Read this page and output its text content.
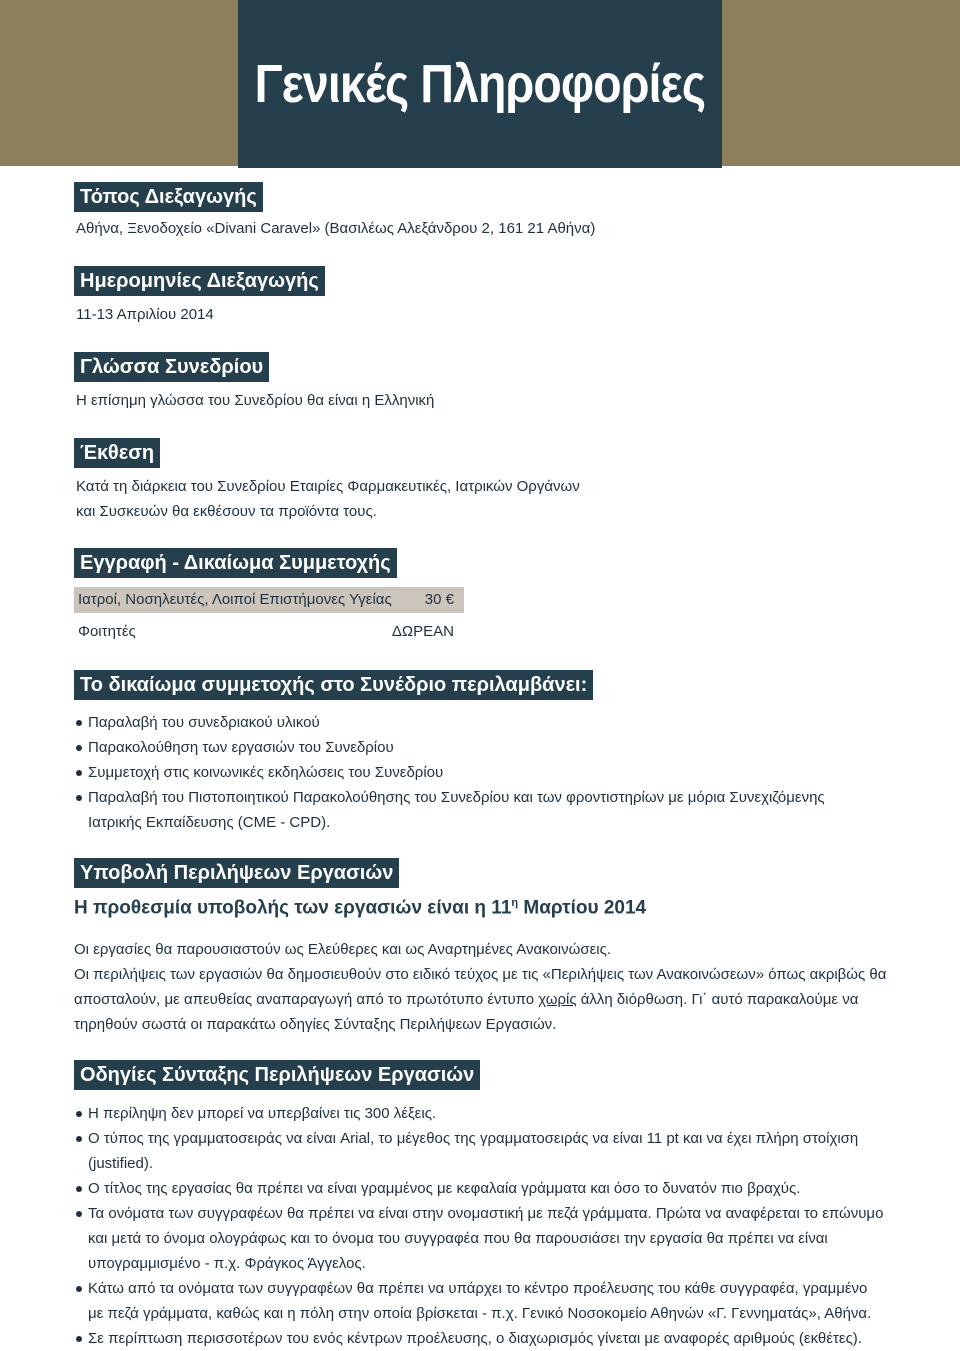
Γενικές Πληροφορίες
Τόπος Διεξαγωγής
Αθήνα, Ξενοδοχείο «Divani Caravel» (Βασιλέως Αλεξάνδρου 2, 161 21 Αθήνα)
Ημερομηνίες Διεξαγωγής
11-13 Απριλίου 2014
Γλώσσα Συνεδρίου
Η επίσημη γλώσσα του Συνεδρίου θα είναι η Ελληνική
Έκθεση
Κατά τη διάρκεια του Συνεδρίου Εταιρίες Φαρμακευτικές, Ιατρικών Οργάνων
και Συσκευών θα εκθέσουν τα προϊόντα τους.
Εγγραφή - Δικαίωμα Συμμετοχής
Ιατροί, Νοσηλευτές, Λοιποί Επιστήμονες Υγείας 30 €
Φοιτητές	ΔΩΡΕΑΝ
Το δικαίωμα συμμετοχής στο Συνέδριο περιλαμβάνει:
Παραλαβή του συνεδριακού υλικού
Παρακολούθηση των εργασιών του Συνεδρίου
Συμμετοχή στις κοινωνικές εκδηλώσεις του Συνεδρίου
Παραλαβή του Πιστοποιητικού Παρακολούθησης του Συνεδρίου και των φροντιστηρίων με μόρια Συνεχιζόμενης Ιατρικής Εκπαίδευσης (CME - CPD).
Υποβολή Περιλήψεων Εργασιών
Η προθεσμία υποβολής των εργασιών είναι η $11^\eta$ Μαρτίου 2014

Οι εργασίες θα παρουσιαστούν ως Ελεύθερες και ως Αναρτημένες Ανακοινώσεις.

Οι περιλήψεις των εργασιών θα δημοσιευθούν στο ειδικό τεύχος με τις «Περιλήψεις των Ανακοινώσεων» όπως ακριβώς θα αποσταλούν, με απευθείας αναπαραγωγή από το πρωτότυπο έντυπο χωρίς άλλη διόρθωση. Γι΄ αυτό παρακαλούμε να τηρηθούν σωστά οι παρακάτω οδηγίες Σύνταξης Περιλήψεων Εργασιών.

Οδηγίες Σύνταξης Περιλήψεων Εργασιών
Η περίληψη δεν μπορεί να υπερβαίνει τις 300 λέξεις.
Ο τύπος της γραμματοσειράς να είναι Arial, το μέγεθος της γραμματοσειράς να είναι 11 pt και να έχει πλήρη στοίχιση (justified).
Ο τίτλος της εργασίας θα πρέπει να είναι γραμμένος με κεφαλαία γράμματα και όσο το δυνατόν πιο βραχύς.
Τα ονόματα των συγγραφέων θα πρέπει να είναι στην ονομαστική με πεζά γράμματα. Πρώτα να αναφέρεται το επώνυμο και μετά το όνομα ολογράφως και το όνομα του συγγραφέα που θα παρουσιάσει την εργασία θα πρέπει να είναι υπογραμμισμένο - π.χ. Φράγκος Άγγελος.
Κάτω από τα ονόματα των συγγραφέων θα πρέπει να υπάρχει το κέντρο προέλευσης του κάθε συγγραφέα, γραμμένο με πεζά γράμματα, καθώς και η πόλη στην οποία βρίσκεται - π.χ. Γενικό Νοσοκομείο Αθηνών «Γ. Γεννηματάς», Αθήνα.
Σε περίπτωση περισσοτέρων του ενός κέντρων προέλευσης, ο διαχωρισμός γίνεται με αναφορές αριθμούς (εκθέτες).
